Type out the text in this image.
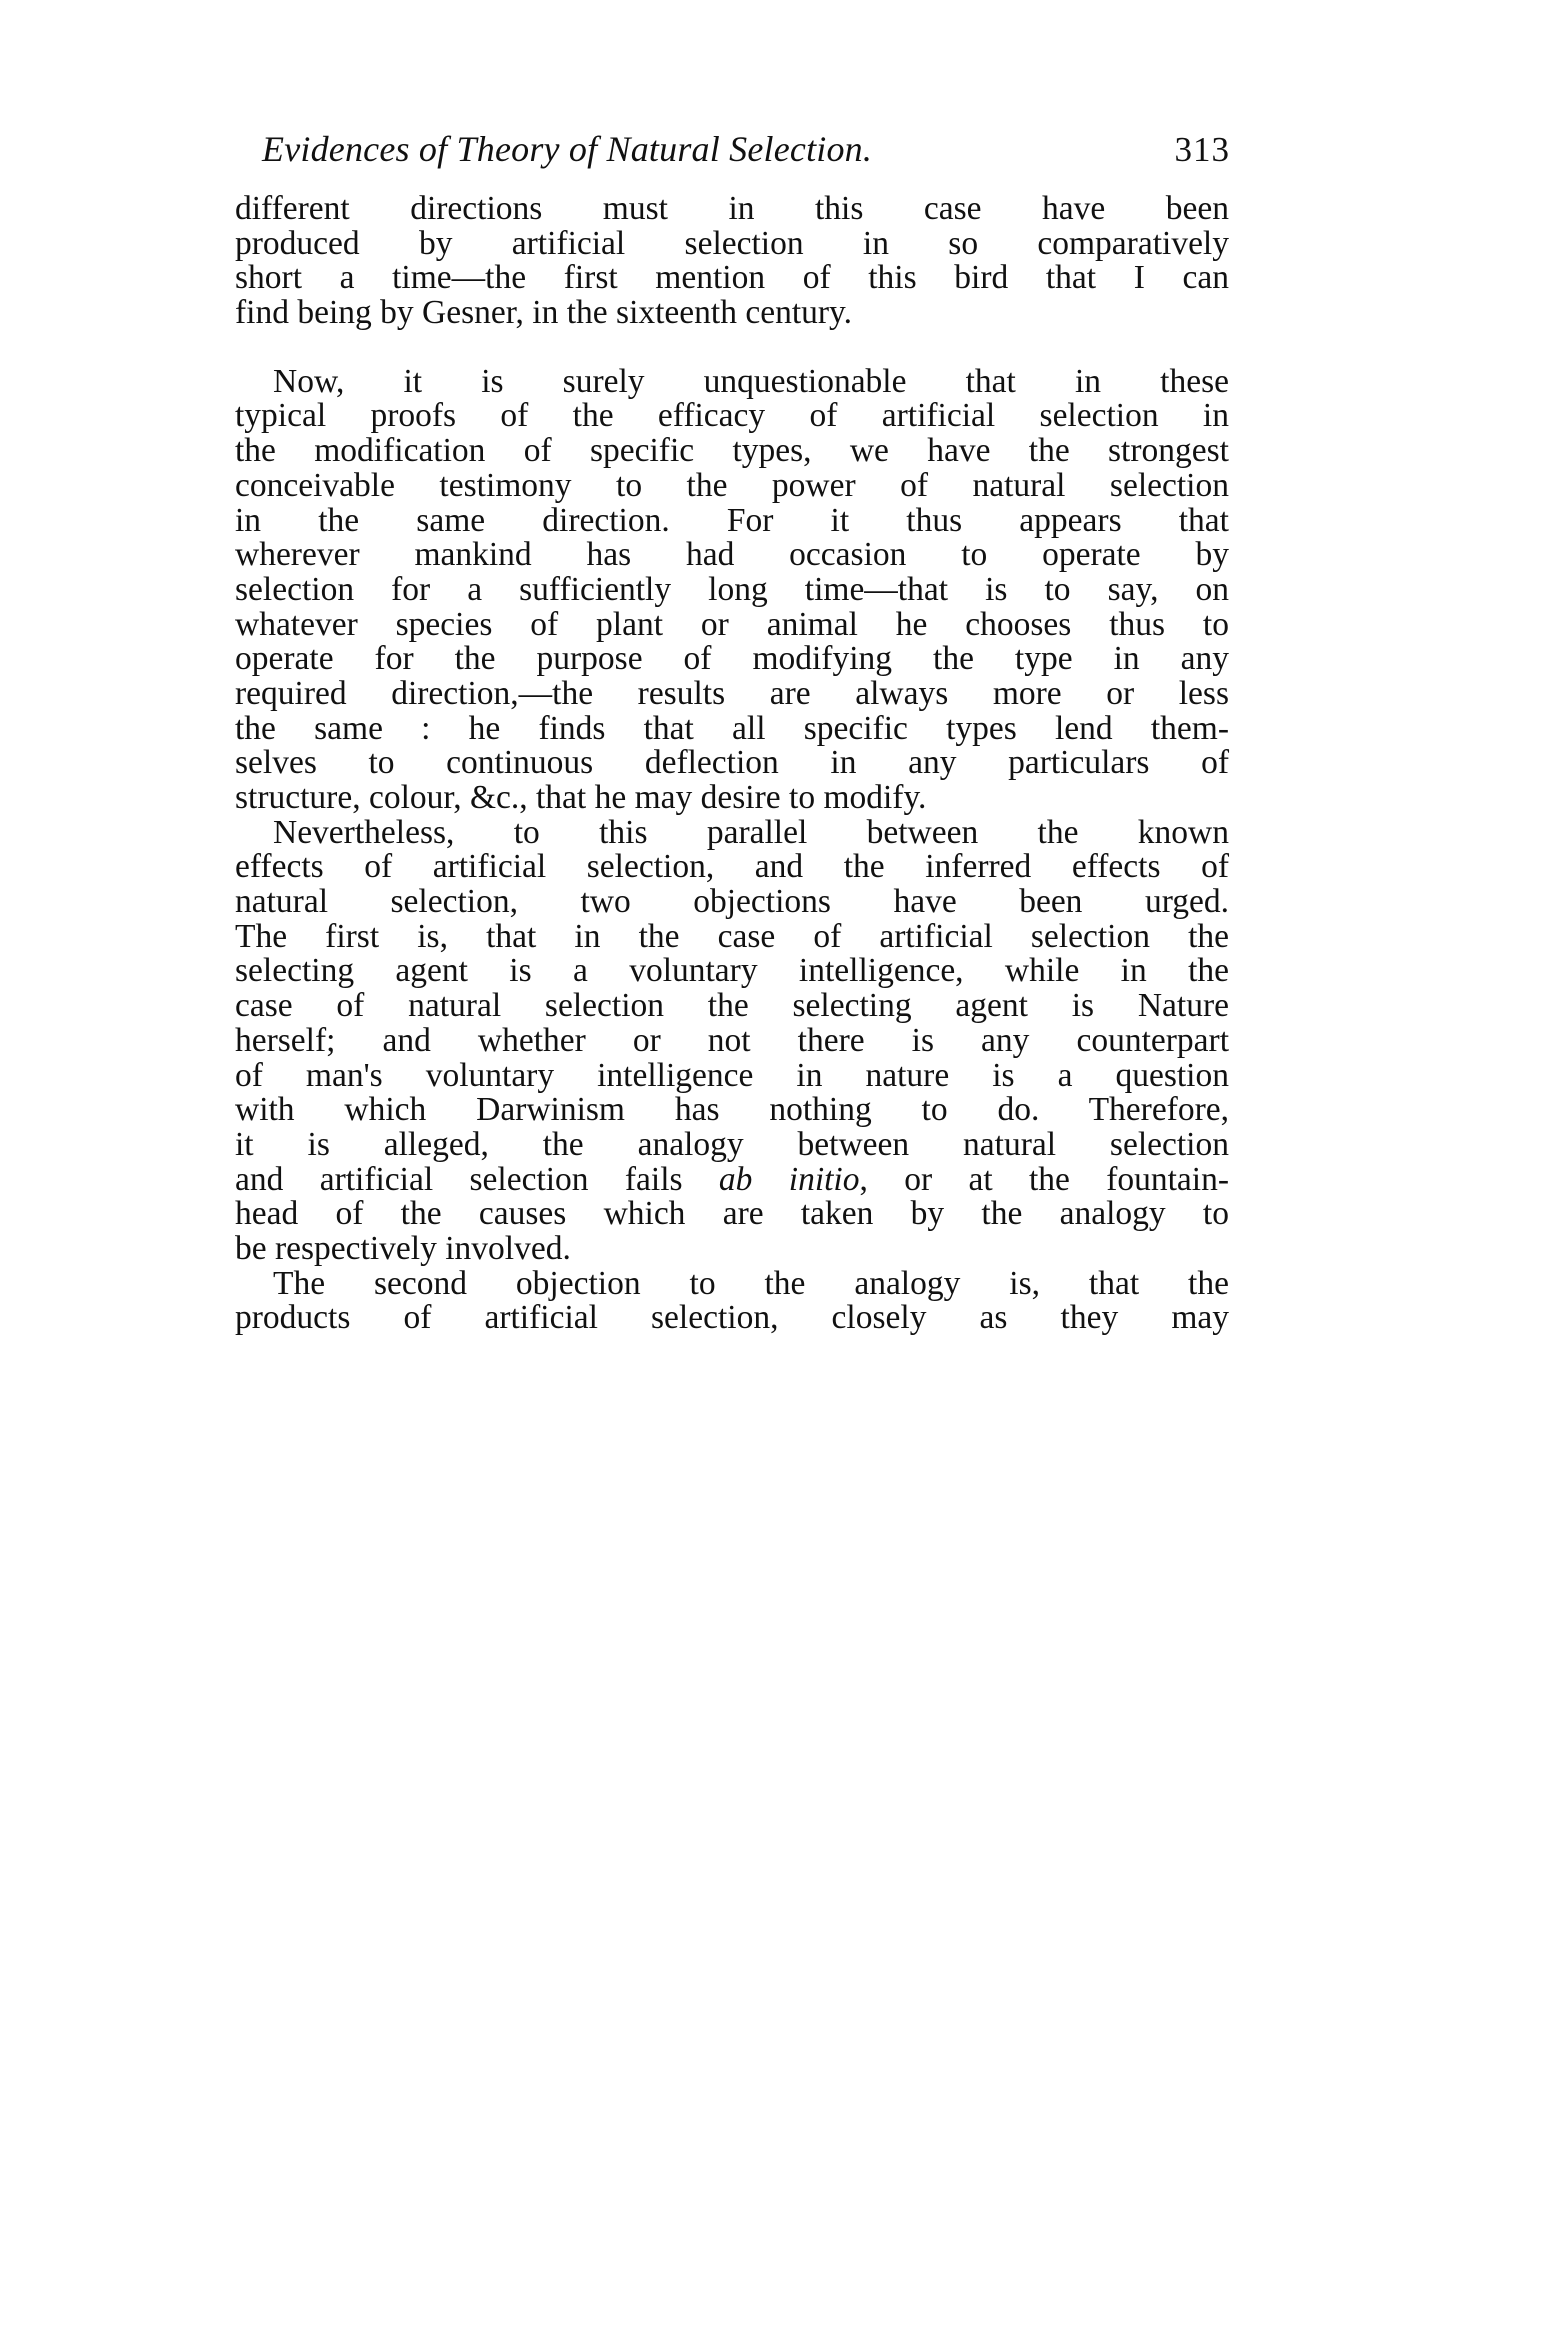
Evidences of Theory of Natural Selection.	313

different directions must in this case have been
produced by artificial selection in so comparatively
short a time—the first mention of this bird that I can
find being by Gesner, in the sixteenth century.

Now, it is surely unquestionable that in these
typical proofs of the efficacy of artificial selection in
the modification of specific types, we have the strongest
conceivable testimony to the power of natural selection
in the same direction. For it thus appears that
wherever mankind has had occasion to operate by
selection for a sufficiently long time—that is to say, on
whatever species of plant or animal he chooses thus to
operate for the purpose of modifying the type in any
required direction,—the results are always more or less
the same : he finds that all specific types lend them-
selves to continuous deflection in any particulars of
structure, colour, &c., that he may desire to modify.

Nevertheless, to this parallel between the known
effects of artificial selection, and the inferred effects of
natural selection, two objections have been urged.
The first is, that in the case of artificial selection the
selecting agent is a voluntary intelligence, while in the
case of natural selection the selecting agent is Nature
herself; and whether or not there is any counterpart
of man's voluntary intelligence in nature is a question
with which Darwinism has nothing to do. Therefore,
it is alleged, the analogy between natural selection
and artificial selection fails ab initio, or at the fountain-
head of the causes which are taken by the analogy to
be respectively involved.

The second objection to the analogy is, that the
products of artificial selection, closely as they may
